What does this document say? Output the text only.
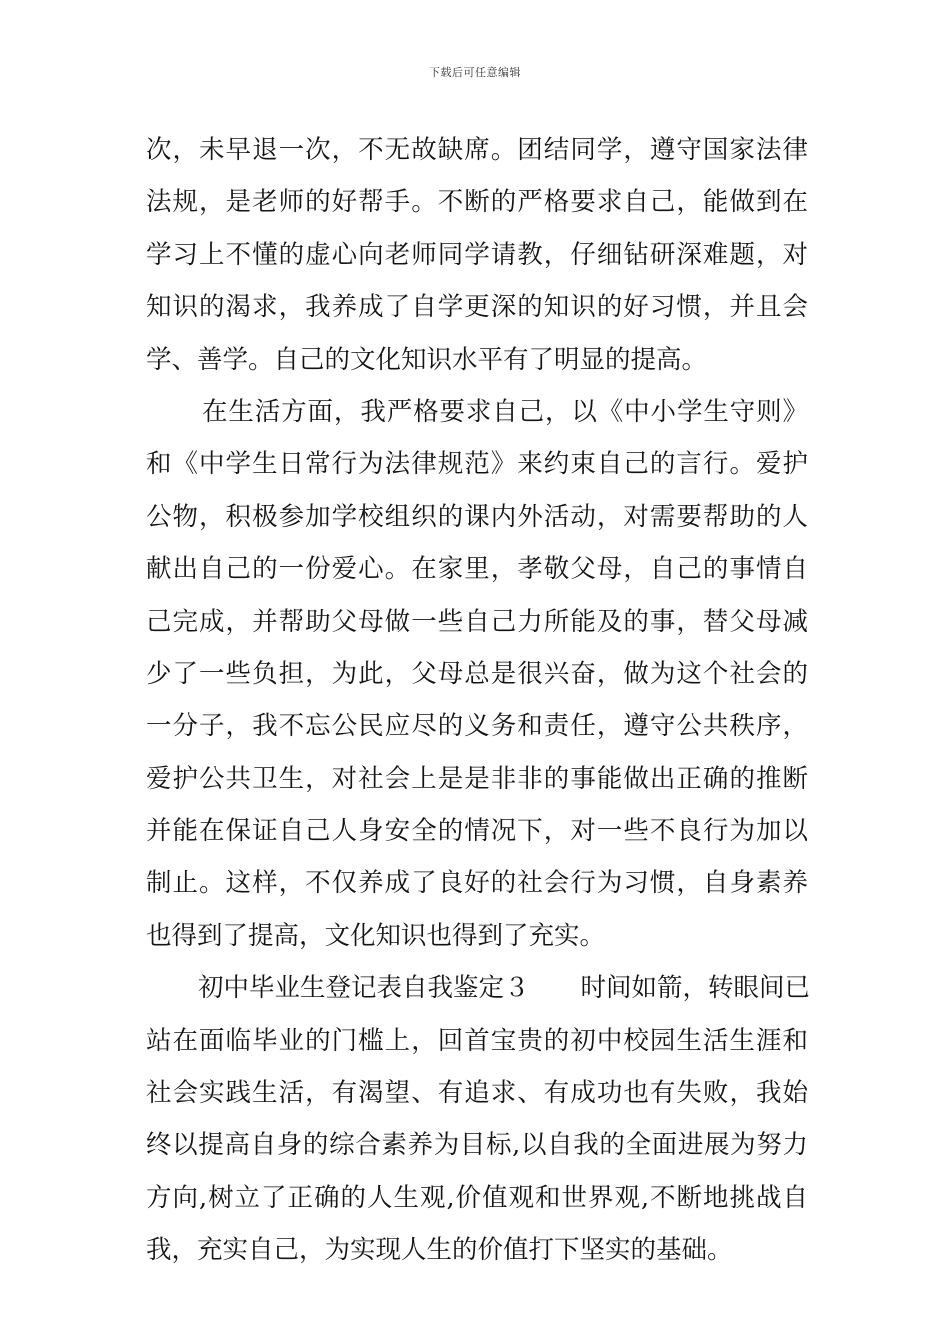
下载后可任意编辑
次，未早退一次，不无故缺席。团结同学，遵守国家法律
法规，是老师的好帮手。不断的严格要求自己，能做到在
学习上不懂的虚心向老师同学请教，仔细钻研深难题，对
知识的渴求，我养成了自学更深的知识的好习惯，并且会
学、善学。自己的文化知识水平有了明显的提高。
在生活方面，我严格要求自己，以《中小学生守则》
和《中学生日常行为法律规范》来约束自己的言行。爱护
公物，积极参加学校组织的课内外活动，对需要帮助的人
献出自己的一份爱心。在家里，孝敬父母，自己的事情自
己完成，并帮助父母做一些自己力所能及的事，替父母减
少了一些负担，为此，父母总是很兴奋，做为这个社会的
一分子，我不忘公民应尽的义务和责任，遵守公共秩序，
爱护公共卫生，对社会上是是非非的事能做出正确的推断
并能在保证自己人身安全的情况下，对一些不良行为加以
制止。这样，不仅养成了良好的社会行为习惯，自身素养
也得到了提高，文化知识也得到了充实。
初中毕业生登记表自我鉴定３　　时间如箭，转眼间已
站在面临毕业的门槛上，回首宝贵的初中校园生活生涯和
社会实践生活，有渴望、有追求、有成功也有失败，我始
终以提高自身的综合素养为目标,以自我的全面进展为努力
方向,树立了正确的人生观,价值观和世界观,不断地挑战自
我，充实自己，为实现人生的价值打下坚实的基础。
